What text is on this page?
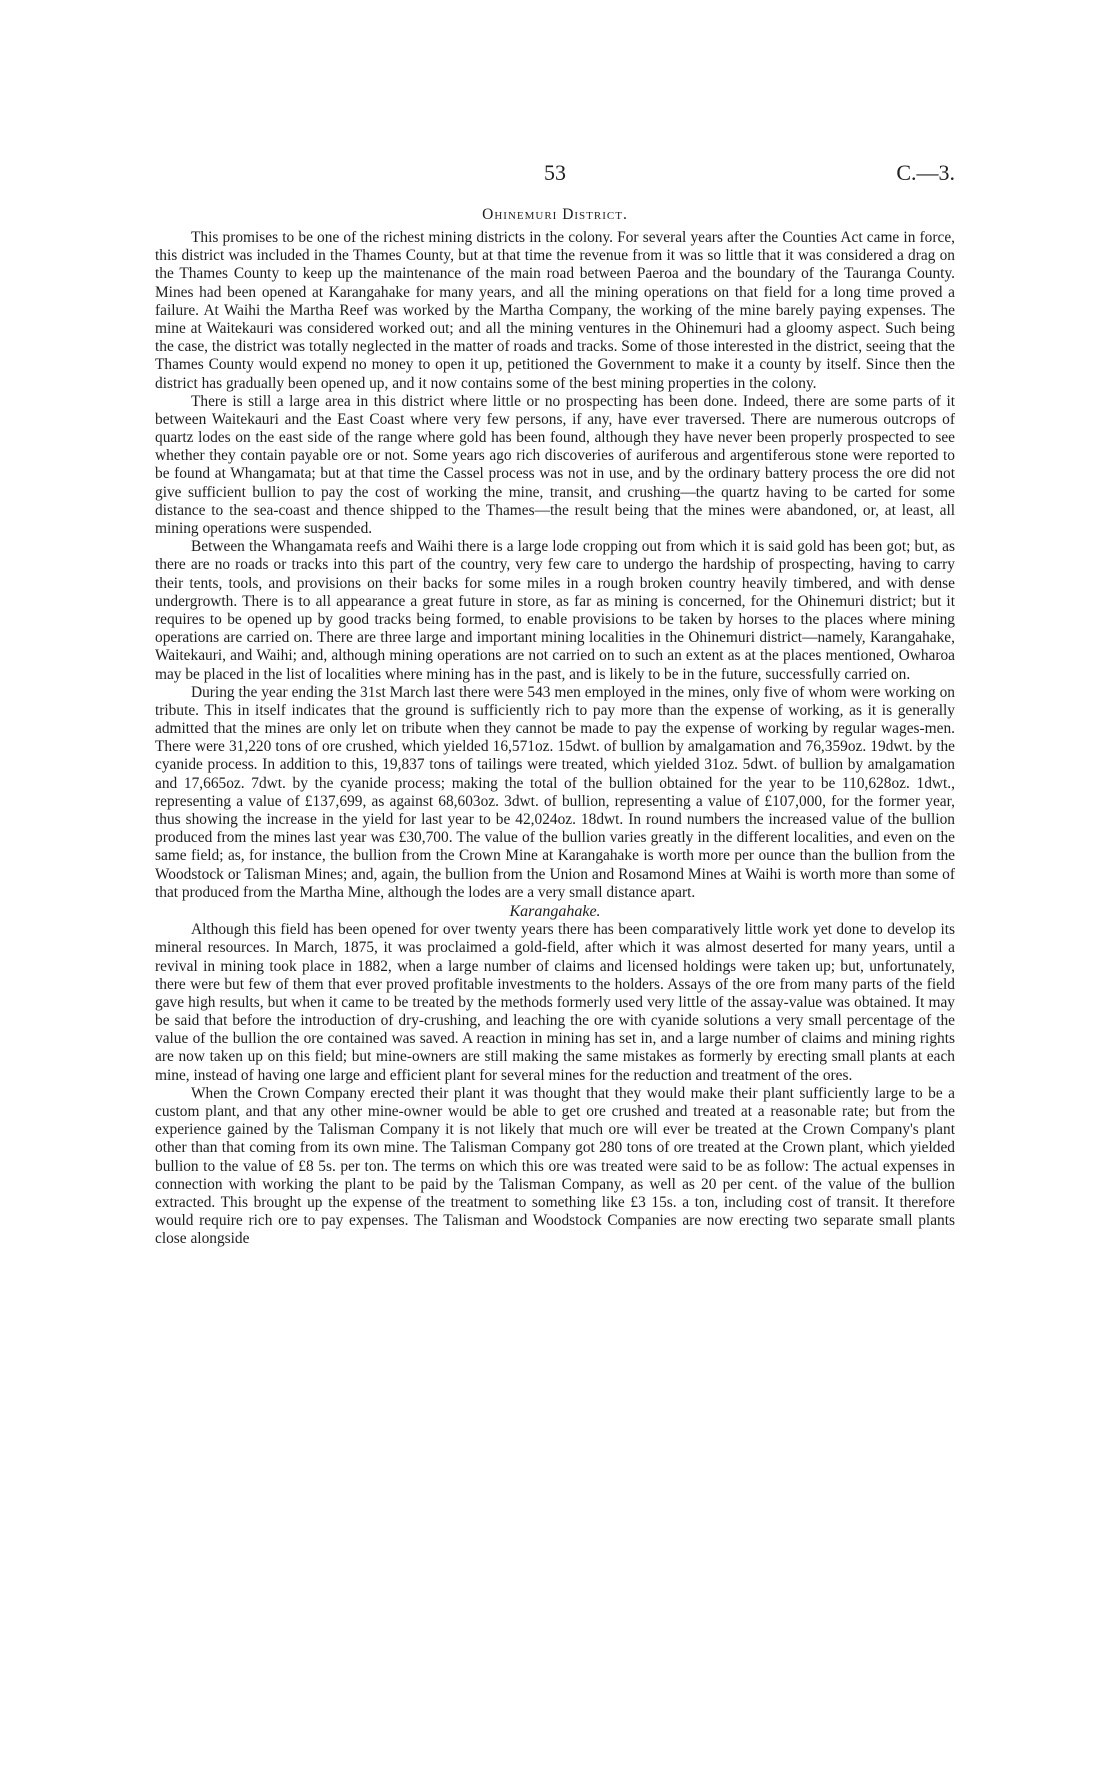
53	C.—3.
Ohinemuri District.

This promises to be one of the richest mining districts in the colony. For several years after the Counties Act came in force, this district was included in the Thames County, but at that time the revenue from it was so little that it was considered a drag on the Thames County to keep up the maintenance of the main road between Paeroa and the boundary of the Tauranga County. Mines had been opened at Karangahake for many years, and all the mining operations on that field for a long time proved a failure. At Waihi the Martha Reef was worked by the Martha Company, the working of the mine barely paying expenses. The mine at Waitekauri was considered worked out; and all the mining ventures in the Ohinemuri had a gloomy aspect. Such being the case, the district was totally neglected in the matter of roads and tracks. Some of those interested in the district, seeing that the Thames County would expend no money to open it up, petitioned the Government to make it a county by itself. Since then the district has gradually been opened up, and it now contains some of the best mining properties in the colony.

There is still a large area in this district where little or no prospecting has been done. Indeed, there are some parts of it between Waitekauri and the East Coast where very few persons, if any, have ever traversed. There are numerous outcrops of quartz lodes on the east side of the range where gold has been found, although they have never been properly prospected to see whether they contain payable ore or not. Some years ago rich discoveries of auriferous and argentiferous stone were reported to be found at Whangamata; but at that time the Cassel process was not in use, and by the ordinary battery process the ore did not give sufficient bullion to pay the cost of working the mine, transit, and crushing—the quartz having to be carted for some distance to the sea-coast and thence shipped to the Thames—the result being that the mines were abandoned, or, at least, all mining operations were suspended.

Between the Whangamata reefs and Waihi there is a large lode cropping out from which it is said gold has been got; but, as there are no roads or tracks into this part of the country, very few care to undergo the hardship of prospecting, having to carry their tents, tools, and provisions on their backs for some miles in a rough broken country heavily timbered, and with dense undergrowth. There is to all appearance a great future in store, as far as mining is concerned, for the Ohinemuri district; but it requires to be opened up by good tracks being formed, to enable provisions to be taken by horses to the places where mining operations are carried on. There are three large and important mining localities in the Ohinemuri district—namely, Karangahake, Waitekauri, and Waihi; and, although mining operations are not carried on to such an extent as at the places mentioned, Owharoa may be placed in the list of localities where mining has in the past, and is likely to be in the future, successfully carried on.

During the year ending the 31st March last there were 543 men employed in the mines, only five of whom were working on tribute. This in itself indicates that the ground is sufficiently rich to pay more than the expense of working, as it is generally admitted that the mines are only let on tribute when they cannot be made to pay the expense of working by regular wages-men. There were 31,220 tons of ore crushed, which yielded 16,571oz. 15dwt. of bullion by amalgamation and 76,359oz. 19dwt. by the cyanide process. In addition to this, 19,837 tons of tailings were treated, which yielded 31oz. 5dwt. of bullion by amalgamation and 17,665oz. 7dwt. by the cyanide process; making the total of the bullion obtained for the year to be 110,628oz. 1dwt., representing a value of £137,699, as against 68,603oz. 3dwt. of bullion, representing a value of £107,000, for the former year, thus showing the increase in the yield for last year to be 42,024oz. 18dwt. In round numbers the increased value of the bullion produced from the mines last year was £30,700. The value of the bullion varies greatly in the different localities, and even on the same field; as, for instance, the bullion from the Crown Mine at Karangahake is worth more per ounce than the bullion from the Woodstock or Talisman Mines; and, again, the bullion from the Union and Rosamond Mines at Waihi is worth more than some of that produced from the Martha Mine, although the lodes are a very small distance apart.

Karangahake.

Although this field has been opened for over twenty years there has been comparatively little work yet done to develop its mineral resources. In March, 1875, it was proclaimed a gold-field, after which it was almost deserted for many years, until a revival in mining took place in 1882, when a large number of claims and licensed holdings were taken up; but, unfortunately, there were but few of them that ever proved profitable investments to the holders. Assays of the ore from many parts of the field gave high results, but when it came to be treated by the methods formerly used very little of the assay-value was obtained. It may be said that before the introduction of dry-crushing, and leaching the ore with cyanide solutions a very small percentage of the value of the bullion the ore contained was saved. A reaction in mining has set in, and a large number of claims and mining rights are now taken up on this field; but mine-owners are still making the same mistakes as formerly by erecting small plants at each mine, instead of having one large and efficient plant for several mines for the reduction and treatment of the ores.

When the Crown Company erected their plant it was thought that they would make their plant sufficiently large to be a custom plant, and that any other mine-owner would be able to get ore crushed and treated at a reasonable rate; but from the experience gained by the Talisman Company it is not likely that much ore will ever be treated at the Crown Company's plant other than that coming from its own mine. The Talisman Company got 280 tons of ore treated at the Crown plant, which yielded bullion to the value of £8 5s. per ton. The terms on which this ore was treated were said to be as follow: The actual expenses in connection with working the plant to be paid by the Talisman Company, as well as 20 per cent. of the value of the bullion extracted. This brought up the expense of the treatment to something like £3 15s. a ton, including cost of transit. It therefore would require rich ore to pay expenses. The Talisman and Woodstock Companies are now erecting two separate small plants close alongside
